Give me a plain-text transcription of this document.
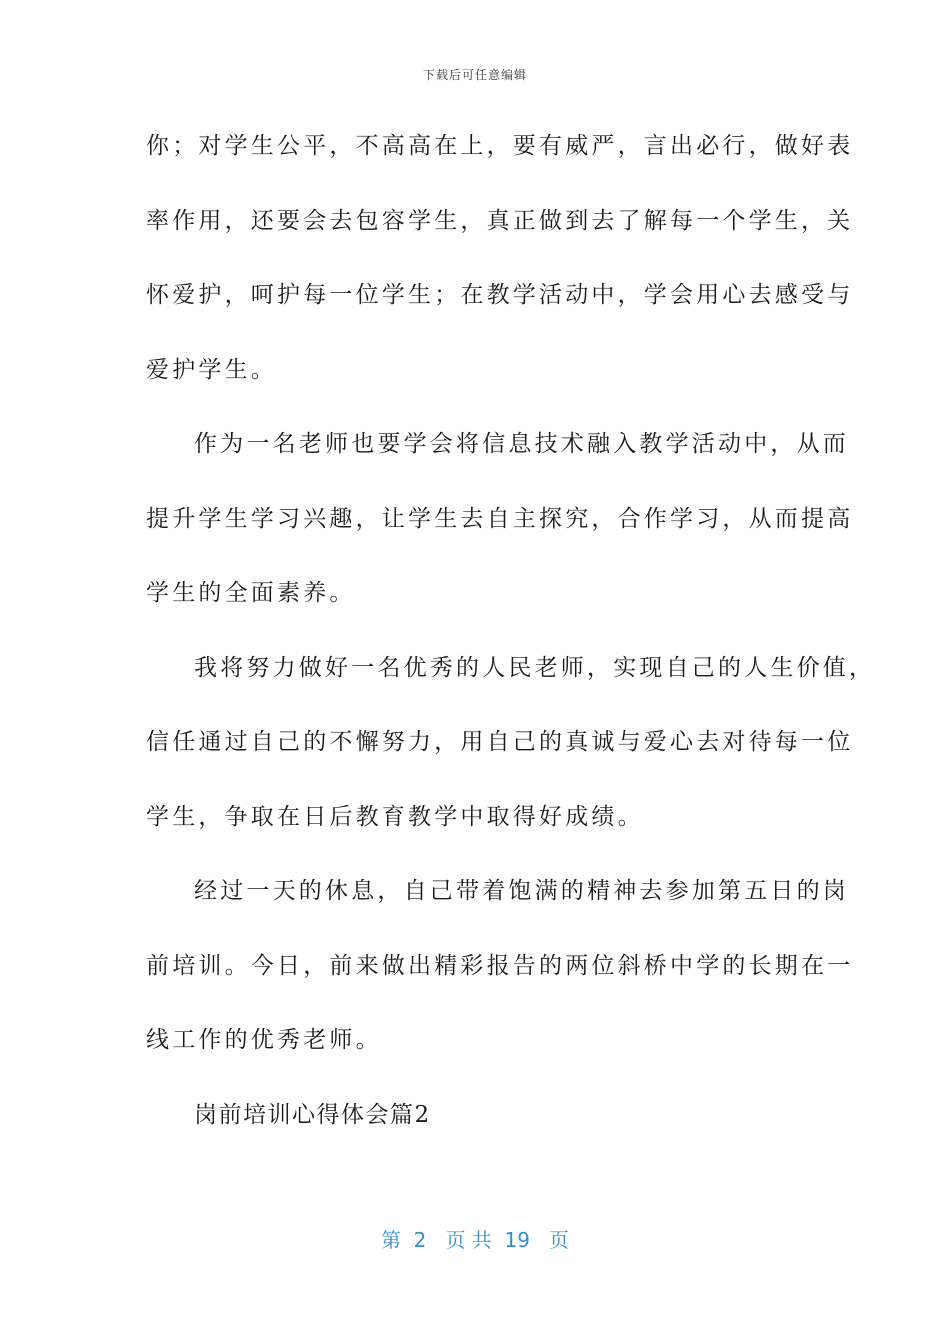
下载后可任意编辑
你；对学生公平，不高高在上，要有威严，言出必行，做好表
率作用，还要会去包容学生，真正做到去了解每一个学生，关
怀爱护，呵护每一位学生；在教学活动中，学会用心去感受与
爱护学生。
作为一名老师也要学会将信息技术融入教学活动中，从而
提升学生学习兴趣，让学生去自主探究，合作学习，从而提高
学生的全面素养。
我将努力做好一名优秀的人民老师，实现自己的人生价值，
信任通过自己的不懈努力，用自己的真诚与爱心去对待每一位
学生，争取在日后教育教学中取得好成绩。
经过一天的休息，自己带着饱满的精神去参加第五日的岗
前培训。今日，前来做出精彩报告的两位斜桥中学的长期在一
线工作的优秀老师。
岗前培训心得体会篇2
第  2   页 共  19   页
